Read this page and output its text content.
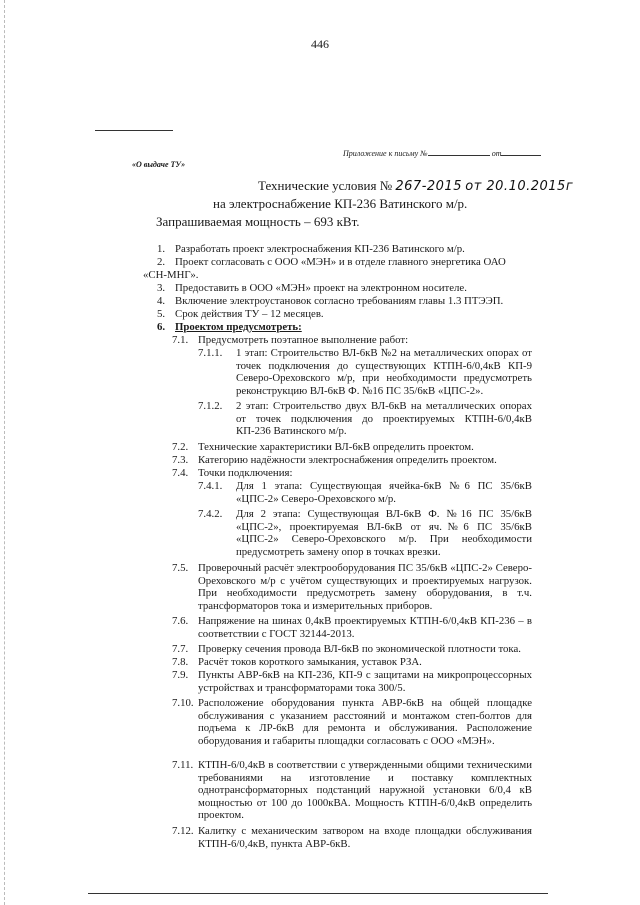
446
Приложение к письму №	от
«О выдаче ТУ»
Технические условия № 267-2015 от 20.10.2015г
на электроснабжение КП-236 Ватинского м/р.
Запрашиваемая мощность – 693 кВт.
1. Разработать проект электроснабжения КП-236 Ватинского м/р.
2. Проект согласовать с ООО «МЭН» и в отделе главного энергетика ОАО
«СН-МНГ».
3. Предоставить в ООО «МЭН» проект на электронном носителе.
4. Включение электроустановок согласно требованиям главы 1.3 ПТЭЭП.
5. Срок действия ТУ – 12 месяцев.
6. Проектом предусмотреть:
7.1. Предусмотреть поэтапное выполнение работ:
7.1.1. 1 этап: Строительство ВЛ-6кВ №2 на металлических опорах от точек подключения до существующих КТПН-6/0,4кВ КП-9 Северо-Ореховского м/р, при необходимости предусмотреть реконструкцию ВЛ-6кВ Ф. №16 ПС 35/6кВ «ЦПС-2».
7.1.2. 2 этап: Строительство двух ВЛ-6кВ на металлических опорах от точек подключения до проектируемых КТПН-6/0,4кВ КП-236 Ватинского м/р.
7.2. Технические характеристики ВЛ-6кВ определить проектом.
7.3. Категорию надёжности электроснабжения определить проектом.
7.4. Точки подключения:
7.4.1. Для 1 этапа: Существующая ячейка-6кВ №6 ПС 35/6кВ «ЦПС-2» Северо-Ореховского м/р.
7.4.2. Для 2 этапа: Существующая ВЛ-6кВ Ф. №16 ПС 35/6кВ «ЦПС-2», проектируемая ВЛ-6кВ от яч.№6 ПС 35/6кВ «ЦПС-2» Северо-Ореховского м/р. При необходимости предусмотреть замену опор в точках врезки.
7.5. Проверочный расчёт электрооборудования ПС 35/6кВ «ЦПС-2» Северо-Ореховского м/р с учётом существующих и проектируемых нагрузок. При необходимости предусмотреть замену оборудования, в т.ч. трансформаторов тока и измерительных приборов.
7.6. Напряжение на шинах 0,4кВ проектируемых КТПН-6/0,4кВ КП-236 – в соответствии с ГОСТ 32144-2013.
7.7. Проверку сечения провода ВЛ-6кВ по экономической плотности тока.
7.8. Расчёт токов короткого замыкания, уставок РЗА.
7.9. Пункты АВР-6кВ на КП-236, КП-9 с защитами на микропроцессорных устройствах и трансформаторами тока 300/5.
7.10. Расположение оборудования пункта АВР-6кВ на общей площадке обслуживания с указанием расстояний и монтажом степ-болтов для подъема к ЛР-6кВ для ремонта и обслуживания. Расположение оборудования и габариты площадки согласовать с ООО «МЭН».
7.11. КТПН-6/0,4кВ в соответствии с утвержденными общими техническими требованиями на изготовление и поставку комплектных однотрансформаторных подстанций наружной установки 6/0,4 кВ мощностью от 100 до 1000кВА. Мощность КТПН-6/0,4кВ определить проектом.
7.12. Калитку с механическим затвором на входе площадки обслуживания КТПН-6/0,4кВ, пункта АВР-6кВ.
